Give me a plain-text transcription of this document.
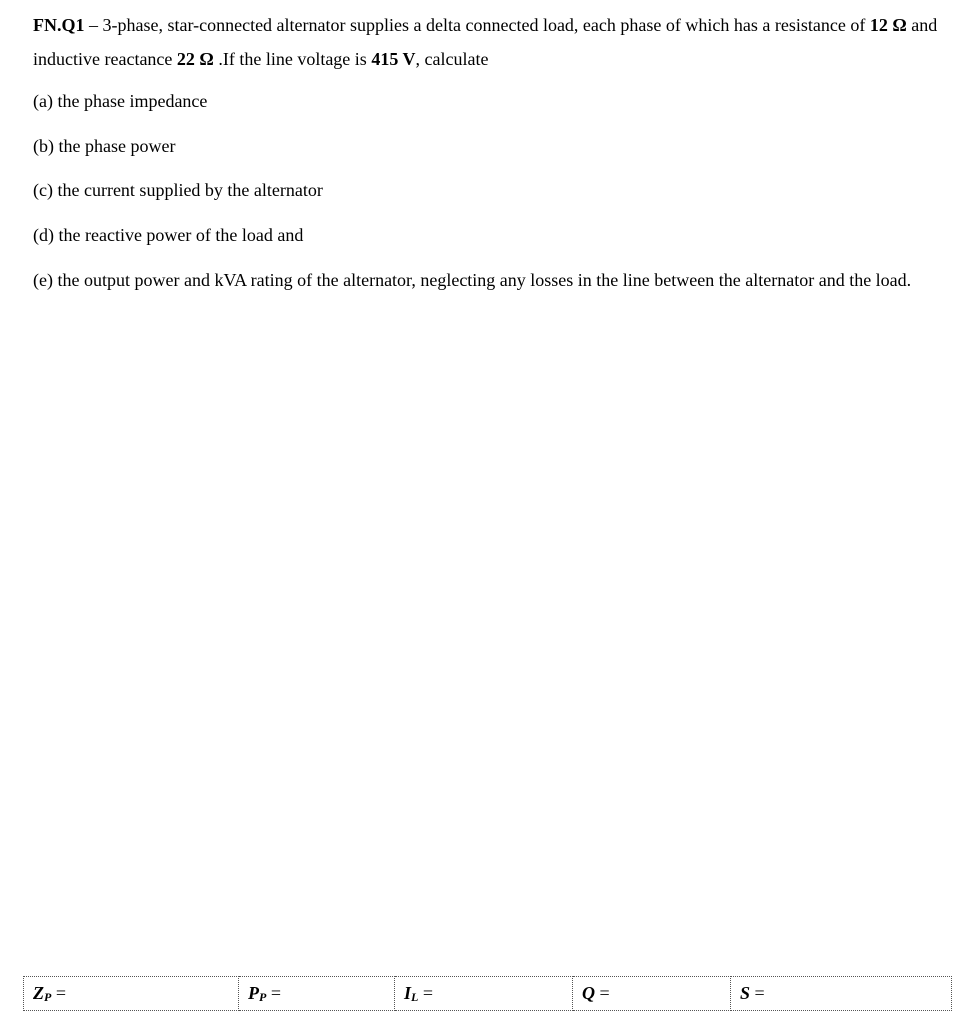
FN.Q1 – 3-phase, star-connected alternator supplies a delta connected load, each phase of which has a resistance of 12 Ω and inductive reactance 22 Ω .If the line voltage is 415 V, calculate
(a) the phase impedance
(b) the phase power
(c) the current supplied by the alternator
(d) the reactive power of the load and
(e) the output power and kVA rating of the alternator, neglecting any losses in the line between the alternator and the load.
ZP =	PP =	IL =	Q =	S =
